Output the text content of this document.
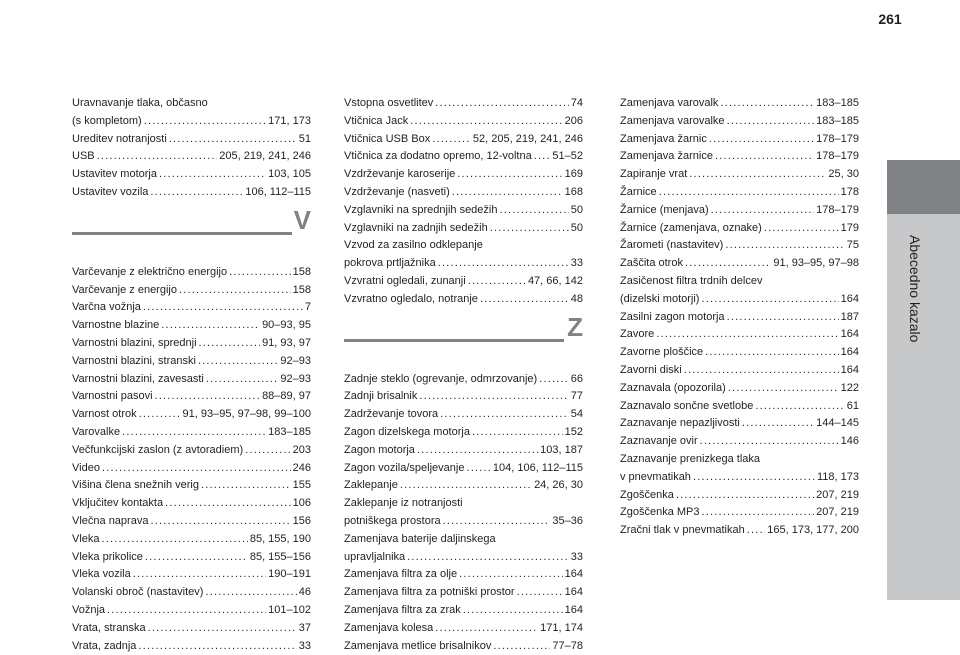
261
Abecedno kazalo
Uravnavanje tlaka, občasno
(s kompletom) .....	171, 173
Ureditev notranjosti .....	51
USB .....	205, 219, 241, 246
Ustavitev motorja .....	103, 105
Ustavitev vozila .....	106, 112–115
V
Varčevanje z električno energijo .....	158
Varčevanje z energijo .....	158
Varčna vožnja .....	7
Varnostne blazine .....	90–93, 95
Varnostni blazini, sprednji .....	91, 93, 97
Varnostni blazini, stranski .....	92–93
Varnostni blazini, zavesasti .....	92–93
Varnostni pasovi .....	88–89, 97
Varnost otrok .....	91, 93–95, 97–98, 99–100
Varovalke .....	183–185
Večfunkcijski zaslon (z avtoradiem) .....	203
Video .....	246
Višina člena snežnih verig .....	155
Vključitev kontakta .....	106
Vlečna naprava .....	156
Vleka .....	85, 155, 190
Vleka prikolice .....	85, 155–156
Vleka vozila .....	190–191
Volanski obroč (nastavitev) .....	46
Vožnja .....	101–102
Vrata, stranska .....	37
Vrata, zadnja .....	33
Vstopna osvetlitev .....	74
Vtičnica Jack .....	206
Vtičnica USB Box .....	52, 205, 219, 241, 246
Vtičnica za dodatno opremo, 12-voltna ..... 51–52
Vzdrževanje karoserije .....	169
Vzdrževanje (nasveti) .....	168
Vzglavniki na sprednjih sedežih .....	50
Vzglavniki na zadnjih sedežih .....	50
Vzvod za zasilno odklepanje
pokrova prtljažnika .....	33
Vzvratni ogledali, zunanji .....	47, 66, 142
Vzvratno ogledalo, notranje .....	48
Z
Zadnje steklo (ogrevanje, odmrzovanje) .....	66
Zadnji brisalnik .....	77
Zadrževanje tovora .....	54
Zagon dizelskega motorja .....	152
Zagon motorja .....	103, 187
Zagon vozila/speljevanje .....	104, 106, 112–115
Zaklepanje .....	24, 26, 30
Zaklepanje iz notranjosti
potniškega prostora .....	35–36
Zamenjava baterije daljinskega
upravljalnika .....	33
Zamenjava filtra za olje .....	164
Zamenjava filtra za potniški prostor .....	164
Zamenjava filtra za zrak .....	164
Zamenjava kolesa .....	171, 174
Zamenjava metlice brisalnikov .....	77–78
Zamenjava varovalk .....	183–185
Zamenjava varovalke .....	183–185
Zamenjava žarnic .....	178–179
Zamenjava žarnice .....	178–179
Zapiranje vrat .....	25, 30
Žarnice .....	178
Žarnice (menjava) .....	178–179
Žarnice (zamenjava, oznake) .....	179
Žarometi (nastavitev) .....	75
Zaščita otrok .....	91, 93–95, 97–98
Zasičenost filtra trdnih delcev
(dizelski motorji) .....	164
Zasilni zagon motorja .....	187
Zavore .....	164
Zavorne ploščice .....	164
Zavorni diski .....	164
Zaznavala (opozorila) .....	122
Zaznavalo sončne svetlobe .....	61
Zaznavanje nepazljivosti .....	144–145
Zaznavanje ovir .....	146
Zaznavanje prenizkega tlaka
v pnevmatikah .....	118, 173
Zgoščenka .....	207, 219
Zgoščenka MP3 .....	207, 219
Zračni tlak v pnevmatikah ..... 165, 173, 177, 200
